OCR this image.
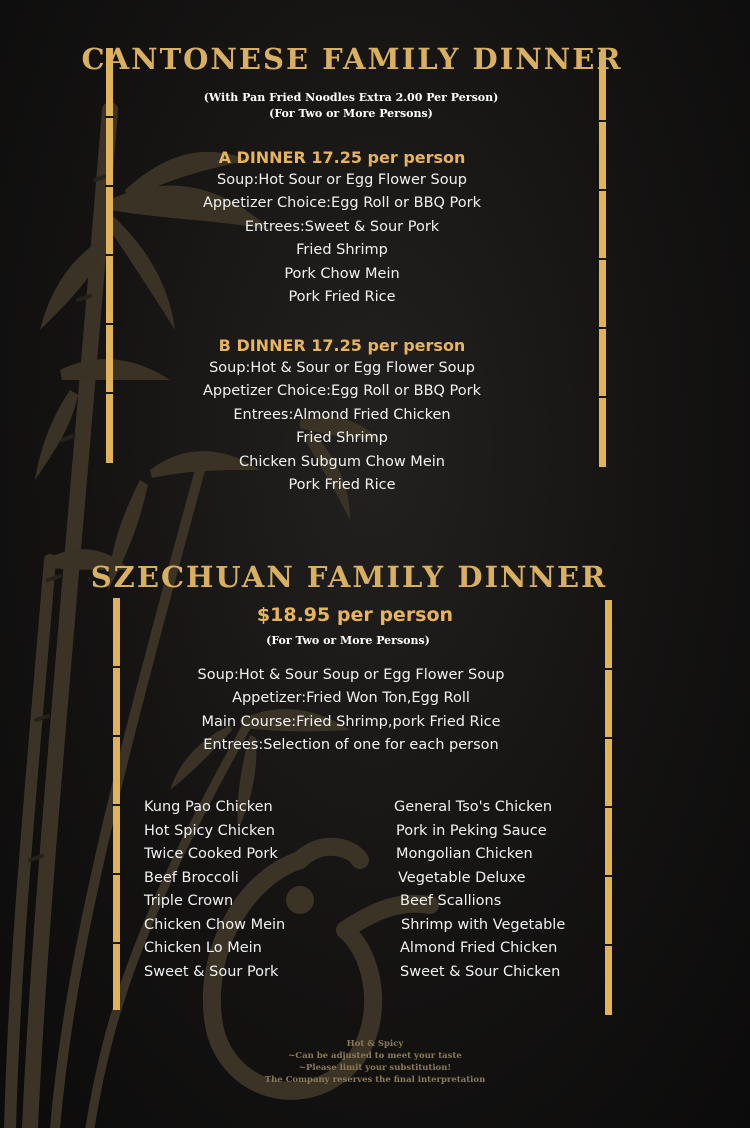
CANTONESE FAMILY DINNER
(With Pan Fried Noodles Extra 2.00 Per Person)
(For Two or More Persons)
A DINNER 17.25 per person
Soup:Hot Sour or Egg Flower Soup
Appetizer Choice:Egg Roll or BBQ Pork
Entrees:Sweet & Sour Pork
Fried Shrimp
Pork Chow Mein
Pork Fried Rice
B DINNER 17.25 per person
Soup:Hot & Sour or Egg Flower Soup
Appetizer Choice:Egg Roll or BBQ Pork
Entrees:Almond Fried Chicken
Fried Shrimp
Chicken Subgum Chow Mein
Pork Fried Rice
SZECHUAN FAMILY DINNER
$18.95 per person
(For Two or More Persons)
Soup:Hot & Sour Soup or Egg Flower Soup
Appetizer:Fried Won Ton,Egg Roll
Main Course:Fried Shrimp,pork Fried Rice
Entrees:Selection of one for each person
Kung Pao Chicken
Hot Spicy Chicken
Twice Cooked Pork
Beef Broccoli
Triple Crown
Chicken Chow Mein
Chicken Lo Mein
Sweet & Sour Pork
General Tso's Chicken
Pork in Peking Sauce
Mongolian Chicken
Vegetable Deluxe
Beef Scallions
Shrimp with Vegetable
Almond Fried Chicken
Sweet & Sour Chicken
Hot & Spicy
~Can be adjusted to meet your taste
~Please limit your substitution!
The Company reserves the final interpretation
